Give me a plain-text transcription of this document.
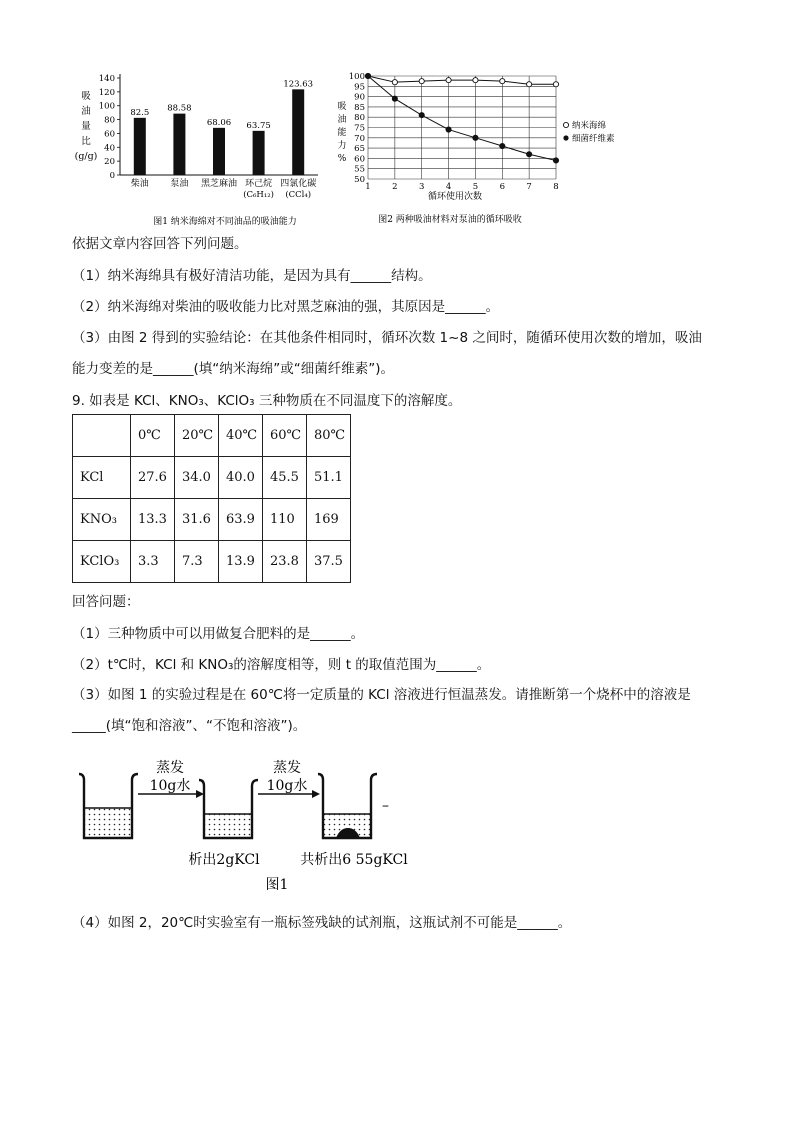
吸
油
量
比
(g/g)
140
120
100
80
60
40
20
0
82.5 88.58
68.06 63.75
123.63
柴油 泵油 黑芝麻油 环己烷
(C₆H₁₂)
四氯化碳
(CCl₄)
图1 纳米海绵对不同油品的吸油能力
吸
油
能
力
%
100
95
90
85
80
75
70
65
60
55
50
1	2	3	4	5	6	7	8
循环使用次数
纳米海绵
细菌纤维素
图2 两种吸油材料对泵油的循环吸收
依据文章内容回答下列问题。
（1）纳米海绵具有极好清洁功能，是因为具有______结构。
（2）纳米海绵对柴油的吸收能力比对黑芝麻油的强，其原因是______。
（3）由图 2 得到的实验结论：在其他条件相同时，循环次数 1~8 之间时，随循环使用次数的增加，吸油
能力变差的是______(填“纳米海绵”或“细菌纤维素”)。
9. 如表是 KCl、KNO₃、KClO₃ 三种物质在不同温度下的溶解度。
	0℃	20℃	40℃	60℃	80℃
KCl	27.6	34.0	40.0	45.5	51.1
KNO₃	13.3	31.6	63.9	110	169
KClO₃	3.3	7.3	13.9	23.8	37.5
回答问题：
（1）三种物质中可以用做复合肥料的是______。
（2）t℃时，KCl 和 KNO₃的溶解度相等，则 t 的取值范围为______。
（3）如图 1 的实验过程是在 60℃将一定质量的 KCl 溶液进行恒温蒸发。请推断第一个烧杯中的溶液是
_____(填“饱和溶液”、“不饱和溶液”)。
蒸发
10g水
蒸发
10g水
–
析出2gKCl	共析出6 55gKCl
图1
（4）如图 2，20℃时实验室有一瓶标签残缺的试剂瓶，这瓶试剂不可能是______。
